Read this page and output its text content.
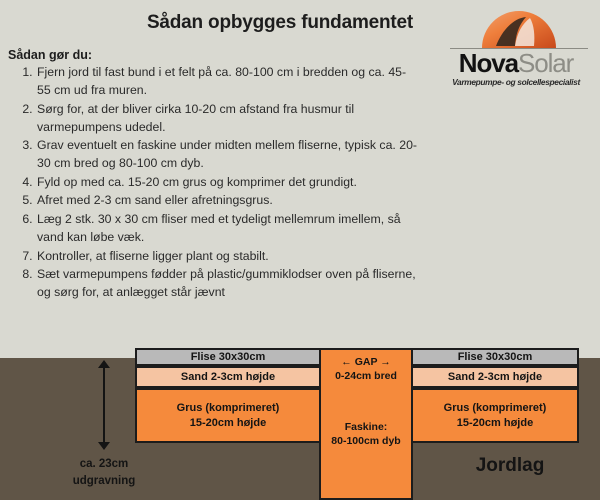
Sådan opbygges fundamentet
Sådan gør du:
1. Fjern jord til fast bund i et felt på ca. 80-100 cm i bredden og ca. 45-55 cm ud fra muren.
2. Sørg for, at der bliver cirka 10-20 cm afstand fra husmur til varmepumpens udedel.
3. Grav eventuelt en faskine under midten mellem fliserne, typisk ca. 20-30 cm bred og 80-100 cm dyb.
4. Fyld op med ca. 15-20 cm grus og komprimer det grundigt.
5. Afret med 2-3 cm sand eller afretningsgrus.
6. Læg 2 stk. 30 x 30 cm fliser med et tydeligt mellemrum imellem, så vand kan løbe væk.
7. Kontroller, at fliserne ligger plant og stabilt.
8. Sæt varmepumpens fødder på plastic/gummiklodser oven på fliserne, og sørg for, at anlægget står jævnt
NovaSolar
Varmepumpe- og solcellespecialist
Jordlag
Flise 30x30cm
Sand 2-3cm højde
Grus (komprimeret)
15-20cm højde
Flise 30x30cm
Sand 2-3cm højde
Grus (komprimeret)
15-20cm højde
← GAP →
0-24cm bred
Faskine:
80-100cm dyb
ca. 23cm
udgravning
